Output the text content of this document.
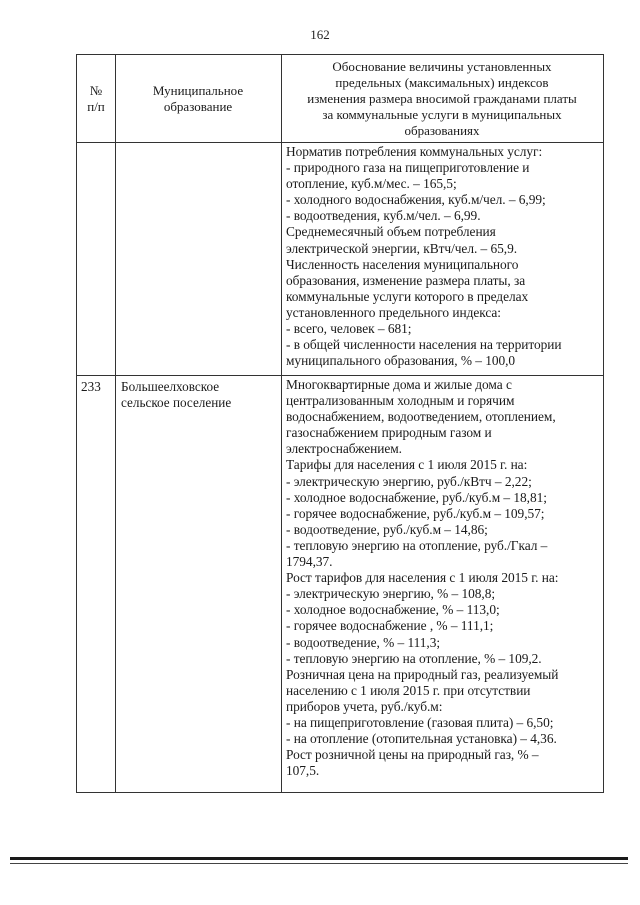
162
№
п/п
Муниципальное
образование
Обоснование величины установленных
предельных (максимальных) индексов
изменения размера вносимой гражданами платы
за коммунальные услуги в муниципальных
образованиях
Норматив потребления коммунальных услуг:
- природного газа на пищеприготовление и
отопление, куб.м/мес. – 165,5;
- холодного водоснабжения, куб.м/чел. – 6,99;
- водоотведения, куб.м/чел. – 6,99.
Среднемесячный объем потребления
электрической энергии, кВтч/чел. – 65,9.
Численность населения муниципального
образования, изменение размера платы, за
коммунальные услуги которого в пределах
установленного предельного индекса:
- всего, человек – 681;
- в общей численности населения на территории
муниципального образования, % – 100,0
233 Большеелховское
сельское поселение
Многоквартирные дома и жилые дома с
централизованным холодным и горячим
водоснабжением, водоотведением, отоплением,
газоснабжением природным газом и
электроснабжением.
Тарифы для населения с 1 июля 2015 г. на:
- электрическую энергию, руб./кВтч – 2,22;
- холодное водоснабжение, руб./куб.м – 18,81;
- горячее водоснабжение, руб./куб.м – 109,57;
- водоотведение, руб./куб.м – 14,86;
- тепловую энергию на отопление, руб./Гкал –
1794,37.
Рост тарифов для населения с 1 июля 2015 г. на:
- электрическую энергию, % – 108,8;
- холодное водоснабжение, % – 113,0;
- горячее водоснабжение , % – 111,1;
- водоотведение, % – 111,3;
- тепловую энергию на отопление, % – 109,2.
Розничная цена на природный газ, реализуемый
населению с 1 июля 2015 г. при отсутствии
приборов учета, руб./куб.м:
- на пищеприготовление (газовая плита) – 6,50;
- на отопление (отопительная установка) – 4,36.
Рост розничной цены на природный газ, % –
107,5.
